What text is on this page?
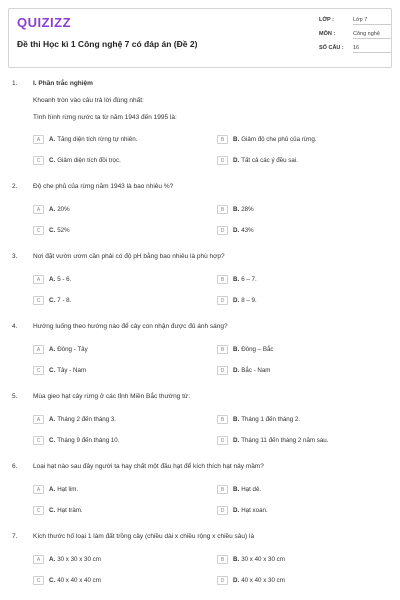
QUIZIZZ
Đề thi Học kì 1 Công nghệ 7 có đáp án (Đề 2)
LỚP :	Lớp 7
MÔN :	Công nghệ
SỐ CÂU : 16
1. I. Phần trắc nghiệm
Khoanh tròn vào câu trả lời đúng nhất:
Tình hình rừng nước ta từ năm 1943 đến 1995 là:
A	A. Tăng diện tích rừng tự nhiên.	B	B. Giảm độ che phủ của rừng.
C	C. Giảm diện tích đồi trọc.	D	D. Tất cả các ý đều sai.
2. Độ che phủ của rừng năm 1943 là bao nhiêu %?
A	A. 20%	B	B. 28%
C	C. 52%	D	D. 43%
3. Nơi đặt vườn ươm cần phải có độ pH bằng bao nhiêu là phù hợp?
A	A. 5 - 6.	B	B. 6 – 7.
C	C. 7 - 8.	D	D. 8 – 9.
4. Hướng luống theo hướng nào để cây con nhận được đủ ánh sáng?
A	A. Đông - Tây	B	B. Đông – Bắc
C	C. Tây - Nam	D	D. Bắc - Nam
5. Mùa gieo hạt cây rừng ở các tỉnh Miền Bắc thường từ:
A	A. Tháng 2 đến tháng 3.	B	B. Tháng 1 đến tháng 2.
C	C. Tháng 9 đến tháng 10.	D	D. Tháng 11 đến tháng 2 năm sau.
6. Loại hạt nào sau đây người ta hay chất một đầu hạt để kích thích hạt nảy mầm?
A	A. Hạt lim.	B	B. Hạt dẻ.
C	C. Hạt tràm.	D	D. Hạt xoan.
7. Kích thước hố loại 1 làm đất trồng cây (chiều dài x chiều rộng x chiều sâu) là
A	A. 30 x 30 x 30 cm	B	B. 30 x 40 x 30 cm
C	C. 40 x 40 x 40 cm	D	D. 40 x 40 x 30 cm
